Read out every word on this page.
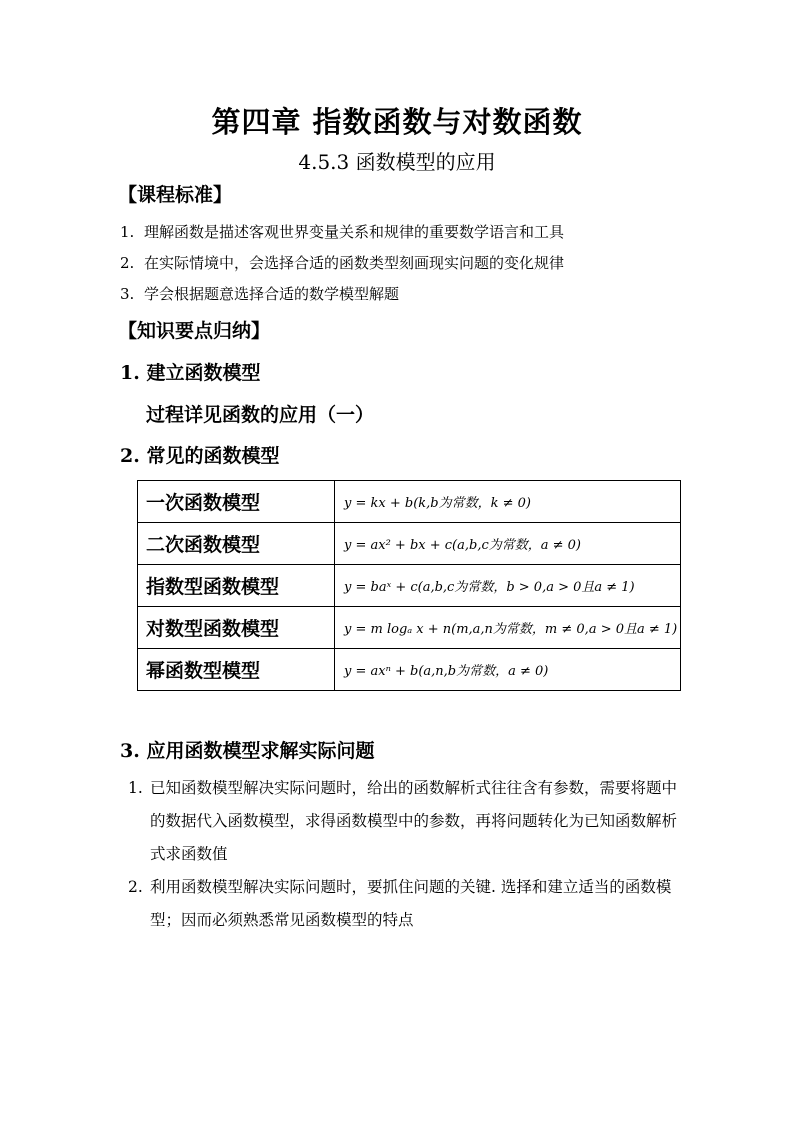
第四章 指数函数与对数函数
4.5.3 函数模型的应用
【课程标准】
1. 理解函数是描述客观世界变量关系和规律的重要数学语言和工具
2. 在实际情境中，会选择合适的函数类型刻画现实问题的变化规律
3. 学会根据题意选择合适的数学模型解题
【知识要点归纳】
1. 建立函数模型
过程详见函数的应用（一）
2. 常见的函数模型
一次函数模型	y = kx + b(k,b为常数，k ≠ 0)
二次函数模型	y = ax² + bx + c(a,b,c为常数，a ≠ 0)
指数型函数模型	y = baˣ + c(a,b,c为常数，b > 0,a > 0且a ≠ 1)
对数型函数模型	y = m logₐ x + n(m,a,n为常数，m ≠ 0,a > 0且a ≠ 1)
幂函数型模型	y = axⁿ + b(a,n,b为常数，a ≠ 0)
3. 应用函数模型求解实际问题
1. 已知函数模型解决实际问题时，给出的函数解析式往往含有参数，需要将题中的数据代入函数模型，求得函数模型中的参数，再将问题转化为已知函数解析式求函数值
2. 利用函数模型解决实际问题时，要抓住问题的关键. 选择和建立适当的函数模型；因而必须熟悉常见函数模型的特点
